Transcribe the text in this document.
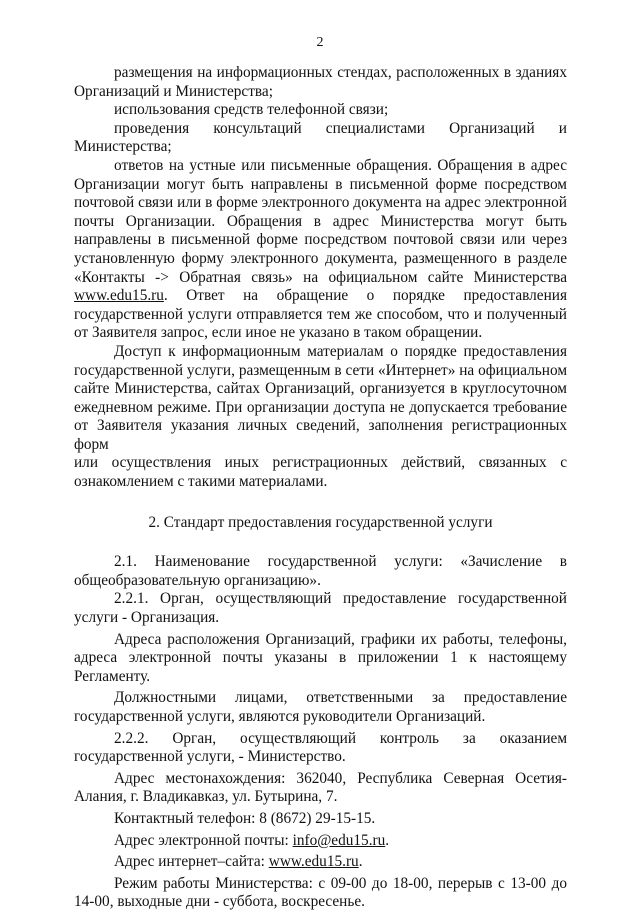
2

размещения на информационных стендах, расположенных в зданиях

Организаций и Министерства;

использования средств телефонной связи;

проведения консультаций специалистами Организаций и

Министерства;

ответов на устные или письменные обращения. Обращения в адрес

Организации могут быть направлены в письменной форме посредством

почтовой связи или в форме электронного документа на адрес электронной

почты Организации. Обращения в адрес Министерства могут быть

направлены в письменной форме посредством почтовой связи или через

установленную форму электронного документа, размещенного в разделе

«Контакты -> Обратная связь» на официальном сайте Министерства

www.edu15.ru. Ответ на обращение о порядке предоставления

государственной услуги отправляется тем же способом, что и полученный

от Заявителя запрос, если иное не указано в таком обращении.

Доступ к информационным материалам о порядке предоставления

государственной услуги, размещенным в сети «Интернет» на официальном

сайте Министерства, сайтах Организаций, организуется в круглосуточном

ежедневном режиме. При организации доступа не допускается требование

от Заявителя указания личных сведений, заполнения регистрационных форм

или осуществления иных регистрационных действий, связанных с

ознакомлением с такими материалами.

2. Стандарт предоставления государственной услуги

2.1. Наименование государственной услуги: «Зачисление в

общеобразовательную организацию».

2.2.1. Орган, осуществляющий предоставление государственной

услуги - Организация.

Адреса расположения Организаций, графики их работы, телефоны,

адреса электронной почты указаны в приложении 1 к настоящему

Регламенту.

Должностными лицами, ответственными за предоставление

государственной услуги, являются руководители Организаций.

2.2.2. Орган, осуществляющий контроль за оказанием

государственной услуги, - Министерство.

Адрес местонахождения: 362040, Республика Северная Осетия-

Алания, г. Владикавказ, ул. Бутырина, 7.

Контактный телефон: 8 (8672) 29-15-15.

Адрес электронной почты: info@edu15.ru.

Адрес интернет–сайта: www.edu15.ru.

Режим работы Министерства: с 09-00 до 18-00, перерыв с 13-00 до

14-00, выходные дни - суббота, воскресенье.
